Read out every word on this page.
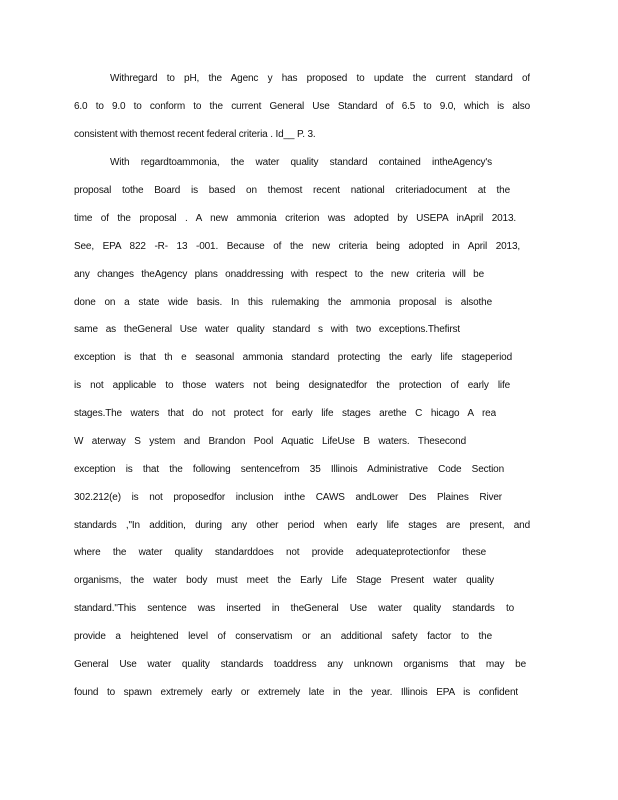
Withregard to pH, the Agenc y has proposed to update the current standard of

6.0 to 9.0 to conform to the current General Use Standard of 6.5 to 9.0, which is also

consistent with themost recent federal criteria . Id__ P. 3.

With regardtoammonia, the water quality standard contained intheAgency's

proposal tothe Board is based on themost recent national criteriadocument at the

time of the proposal . A new ammonia criterion was adopted by USEPA inApril 2013.

See, EPA 822 -R- 13 -001. Because of the new criteria being adopted in April 2013,

any changes theAgency plans onaddressing with respect to the new criteria will be

done on a state wide basis. In this rulemaking the ammonia proposal is alsothe

same as theGeneral Use water quality standard s with two exceptions.Thefirst

exception is that th e seasonal ammonia standard protecting the early life stageperiod

is not applicable to those waters not being designatedfor the protection of early life

stages.The waters that do not protect for early life stages arethe C hicago A rea

W aterway S ystem and Brandon Pool Aquatic LifeUse B waters. Thesecond

exception is that the following sentencefrom 35 Illinois Administrative Code Section

302.212(e) is not proposedfor inclusion inthe CAWS andLower Des Plaines River

standards ,"In addition, during any other period when early life stages are present, and

where the water quality standarddoes not provide adequateprotectionfor these

organisms, the water body must meet the Early Life Stage Present water quality

standard."This sentence was inserted in theGeneral Use water quality standards to

provide a heightened level of conservatism or an additional safety factor to the

General Use water quality standards toaddress any unknown organisms that may be

found to spawn extremely early or extremely late in the year. Illinois EPA is confident
